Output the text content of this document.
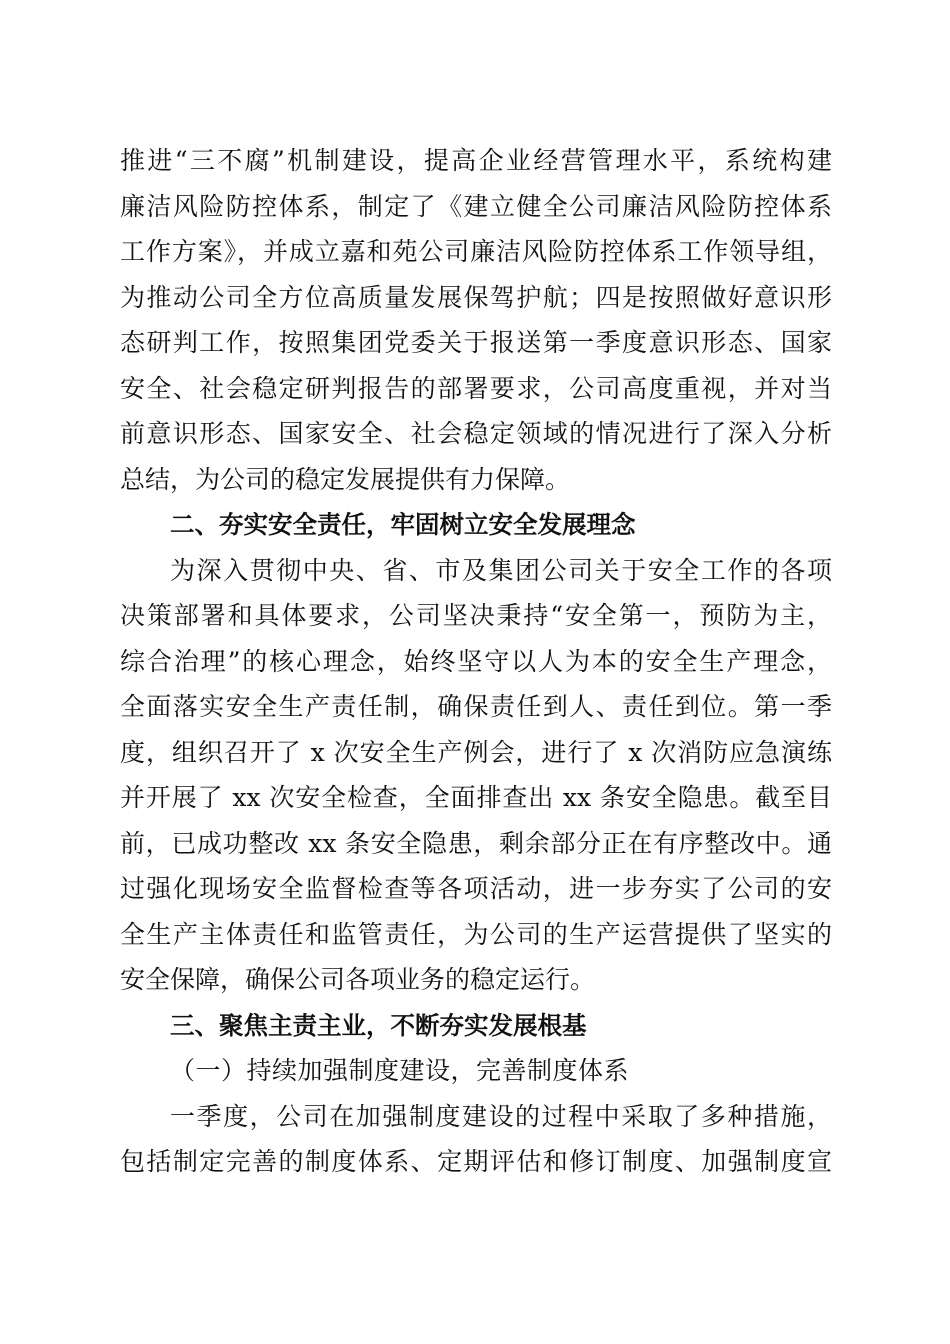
推进“三不腐”机制建设，提高企业经营管理水平，系统构建
廉洁风险防控体系，制定了《建立健全公司廉洁风险防控体系
工作方案》，并成立嘉和苑公司廉洁风险防控体系工作领导组，
为推动公司全方位高质量发展保驾护航；四是按照做好意识形
态研判工作，按照集团党委关于报送第一季度意识形态、国家
安全、社会稳定研判报告的部署要求，公司高度重视，并对当
前意识形态、国家安全、社会稳定领域的情况进行了深入分析
总结，为公司的稳定发展提供有力保障。
二、夯实安全责任，牢固树立安全发展理念
为深入贯彻中央、省、市及集团公司关于安全工作的各项
决策部署和具体要求，公司坚决秉持“安全第一，预防为主，
综合治理”的核心理念，始终坚守以人为本的安全生产理念，
全面落实安全生产责任制，确保责任到人、责任到位。第一季
度，组织召开了 x 次安全生产例会，进行了 x 次消防应急演练
并开展了 xx 次安全检查，全面排查出 xx 条安全隐患。截至目
前，已成功整改 xx 条安全隐患，剩余部分正在有序整改中。通
过强化现场安全监督检查等各项活动，进一步夯实了公司的安
全生产主体责任和监管责任，为公司的生产运营提供了坚实的
安全保障，确保公司各项业务的稳定运行。
三、聚焦主责主业，不断夯实发展根基
（一）持续加强制度建设，完善制度体系
一季度，公司在加强制度建设的过程中采取了多种措施，
包括制定完善的制度体系、定期评估和修订制度、加强制度宣
